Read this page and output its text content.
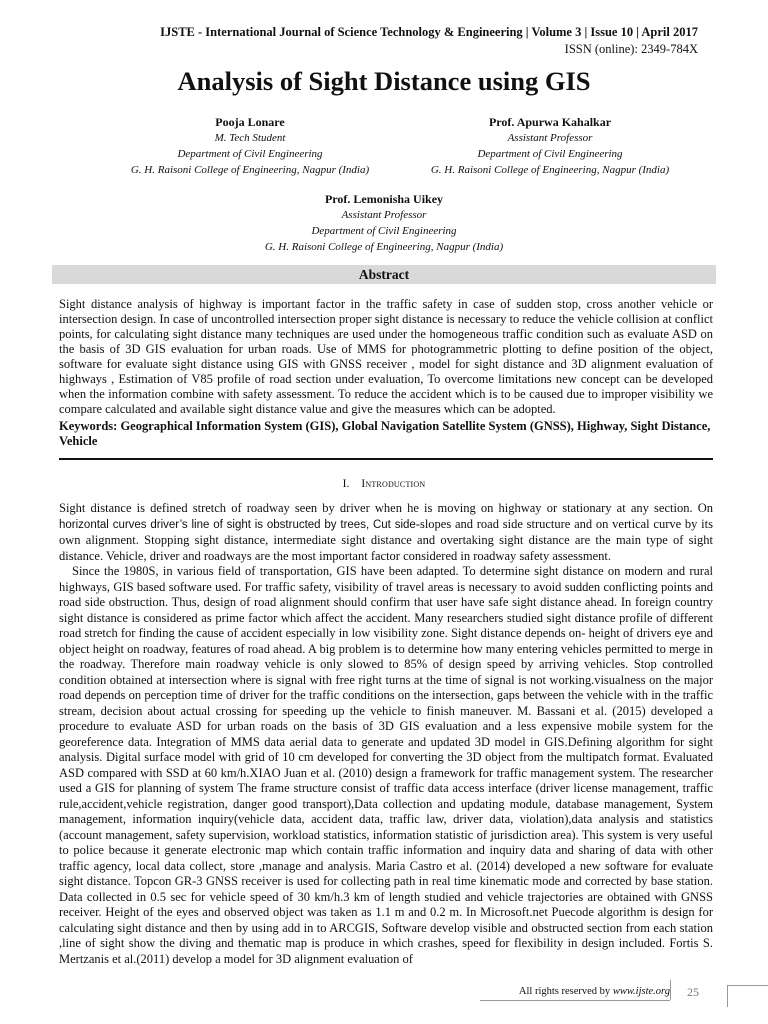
IJSTE - International Journal of Science Technology & Engineering | Volume 3 | Issue 10 | April 2017
ISSN (online): 2349-784X
Analysis of Sight Distance using GIS
Pooja Lonare
M. Tech Student
Department of Civil Engineering
G. H. Raisoni College of Engineering, Nagpur (India)
Prof. Apurwa Kahalkar
Assistant Professor
Department of Civil Engineering
G. H. Raisoni College of Engineering, Nagpur (India)
Prof. Lemonisha Uikey
Assistant Professor
Department of Civil Engineering
G. H. Raisoni College of Engineering, Nagpur (India)
Abstract
Sight distance analysis of highway is important factor in the traffic safety in case of sudden stop, cross another vehicle or intersection design. In case of uncontrolled intersection proper sight distance is necessary to reduce the vehicle collision at conflict points, for calculating sight distance many techniques are used under the homogeneous traffic condition such as evaluate ASD on the basis of 3D GIS evaluation for urban roads. Use of MMS for photogrammetric plotting to define position of the object, software for evaluate sight distance using GIS with GNSS receiver , model for sight distance and 3D alignment evaluation of highways , Estimation of V85 profile of road section under evaluation, To overcome limitations new concept can be developed when the information combine with safety assessment. To reduce the accident which is to be caused due to improper visibility we compare calculated and available sight distance value and give the measures which can be adopted.
Keywords: Geographical Information System (GIS), Global Navigation Satellite System (GNSS), Highway, Sight Distance, Vehicle
I. Introduction

Sight distance is defined stretch of roadway seen by driver when he is moving on highway or stationary at any section. On horizontal curves driver’s line of sight is obstructed by trees, Cut side-slopes and road side structure and on vertical curve by its own alignment. Stopping sight distance, intermediate sight distance and overtaking sight distance are the main type of sight distance. Vehicle, driver and roadways are the most important factor considered in roadway safety assessment.

Since the 1980S, in various field of transportation, GIS have been adapted. To determine sight distance on modern and rural highways, GIS based software used. For traffic safety, visibility of travel areas is necessary to avoid sudden conflicting points and road side obstruction. Thus, design of road alignment should confirm that user have safe sight distance ahead. In foreign country sight distance is considered as prime factor which affect the accident. Many researchers studied sight distance profile of different road stretch for finding the cause of accident especially in low visibility zone. Sight distance depends on- height of drivers eye and object height on roadway, features of road ahead. A big problem is to determine how many entering vehicles permitted to merge in the roadway. Therefore main roadway vehicle is only slowed to 85% of design speed by arriving vehicles. Stop controlled condition obtained at intersection where is signal with free right turns at the time of signal is not working.visualness on the major road depends on perception time of driver for the traffic conditions on the intersection, gaps between the vehicle with in the traffic stream, decision about actual crossing for speeding up the vehicle to finish maneuver. M. Bassani et al. (2015) developed a procedure to evaluate ASD for urban roads on the basis of 3D GIS evaluation and a less expensive mobile system for the georeference data. Integration of MMS data aerial data to generate and updated 3D model in GIS.Defining algorithm for sight analysis. Digital surface model with grid of 10 cm developed for converting the 3D object from the multipatch format. Evaluated ASD compared with SSD at 60 km/h.XIAO Juan et al. (2010) design a framework for traffic management system. The researcher used a GIS for planning of system The frame structure consist of traffic data access interface (driver license management, traffic rule,accident,vehicle registration, danger good transport),Data collection and updating module, database management, System management, information inquiry(vehicle data, accident data, traffic law, driver data, violation),data analysis and statistics (account management, safety supervision, workload statistics, information statistic of jurisdiction area). This system is very useful to police because it generate electronic map which contain traffic information and inquiry data and sharing of data with other traffic agency, local data collect, store ,manage and analysis. Maria Castro et al. (2014) developed a new software for evaluate sight distance. Topcon GR-3 GNSS receiver is used for collecting path in real time kinematic mode and corrected by base station. Data collected in 0.5 sec for vehicle speed of 30 km/h.3 km of length studied and vehicle trajectories are obtained with GNSS receiver. Height of the eyes and observed object was taken as 1.1 m and 0.2 m. In Microsoft.net Puecode algorithm is design for calculating sight distance and then by using add in to ARCGIS, Software develop visible and obstructed section from each station ,line of sight show the diving and thematic map is produce in which crashes, speed for flexibility in design included. Fortis S. Mertzanis et al.(2011) develop a model for 3D alignment evaluation of

All rights reserved by www.ijste.org 25
